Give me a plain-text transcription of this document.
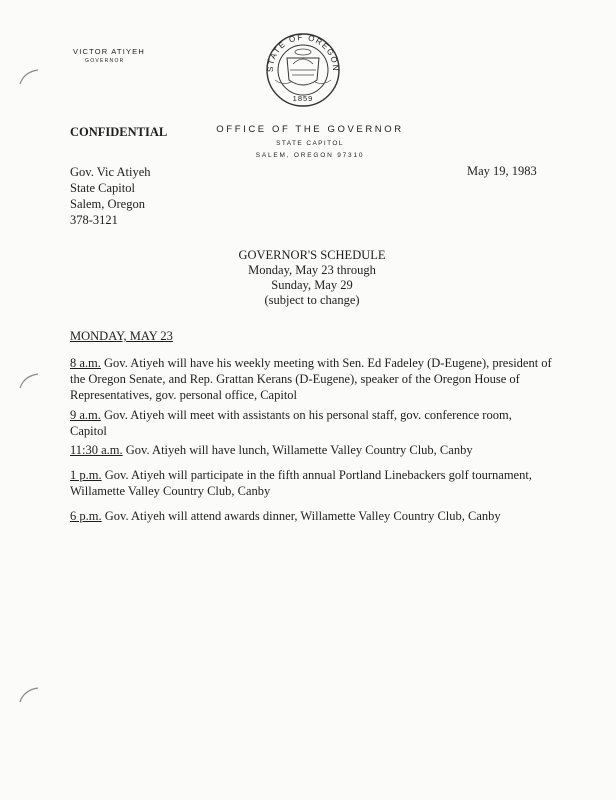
VICTOR ATIYEH
GOVERNOR
STATE OF OREGON
1859
CONFIDENTIAL	OFFICE OF THE GOVERNOR
STATE CAPITOL
SALEM, OREGON 97310
Gov. Vic Atiyeh
State Capitol
Salem, Oregon
378-3121
May 19, 1983
GOVERNOR'S SCHEDULE
Monday, May 23 through
Sunday, May 29
(subject to change)
MONDAY, MAY 23
8 a.m. Gov. Atiyeh will have his weekly meeting with Sen. Ed Fadeley (D-Eugene), president of
the Oregon Senate, and Rep. Grattan Kerans (D-Eugene), speaker of the Oregon House of
Representatives, gov. personal office, Capitol
9 a.m. Gov. Atiyeh will meet with assistants on his personal staff, gov. conference room,
Capitol
11:30 a.m. Gov. Atiyeh will have lunch, Willamette Valley Country Club, Canby
1 p.m. Gov. Atiyeh will participate in the fifth annual Portland Linebackers golf tournament,
Willamette Valley Country Club, Canby
6 p.m. Gov. Atiyeh will attend awards dinner, Willamette Valley Country Club, Canby
